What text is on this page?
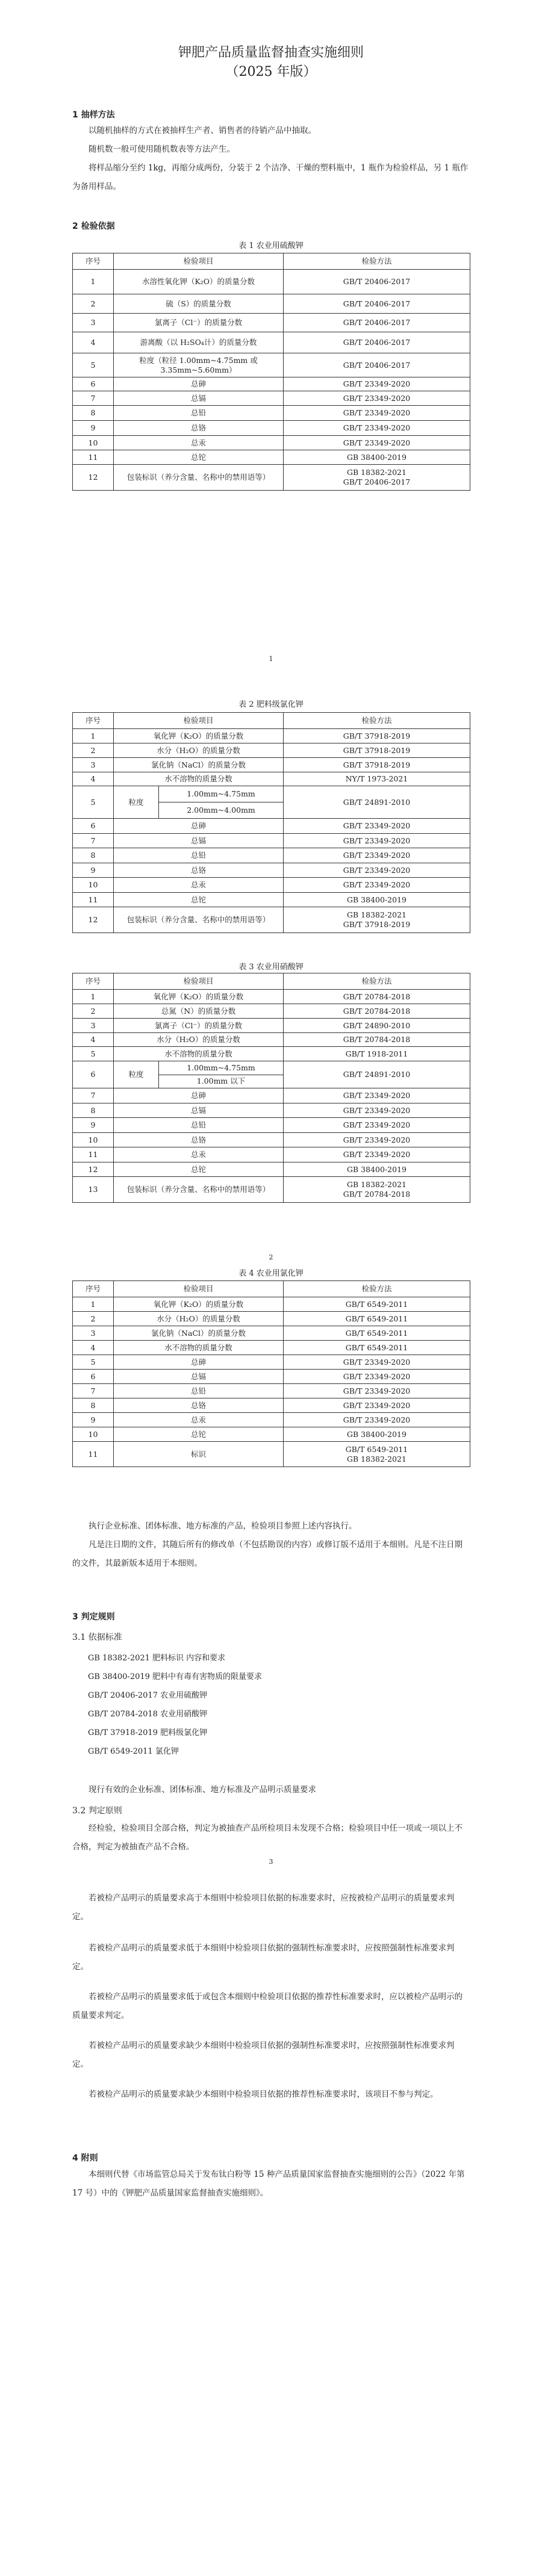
钾肥产品质量监督抽查实施细则
（2025 年版）
1 抽样方法
以随机抽样的方式在被抽样生产者、销售者的待销产品中抽取。
随机数一般可使用随机数表等方法产生。
将样品缩分至约 1kg，再缩分成两份，分装于 2 个洁净、干燥的塑料瓶中，1 瓶作为检验样品，另 1 瓶作为备用样品。
2 检验依据
表 1 农业用硫酸钾
序号	检验项目	检验方法
1	水溶性氧化钾（K₂O）的质量分数	GB/T 20406-2017
2	硫（S）的质量分数	GB/T 20406-2017
3	氯离子（Cl⁻）的质量分数	GB/T 20406-2017
4	游离酸（以 H₂SO₄计）的质量分数	GB/T 20406-2017
5	粒度（粒径 1.00mm~4.75mm 或
3.35mm~5.60mm）	GB/T 20406-2017
6	总砷	GB/T 23349-2020
7	总镉	GB/T 23349-2020
8	总铅	GB/T 23349-2020
9	总铬	GB/T 23349-2020
10	总汞	GB/T 23349-2020
11	总铊	GB 38400-2019
12	包装标识（养分含量、名称中的禁用语等）	GB 18382-2021
GB/T 20406-2017
1
表 2 肥料级氯化钾
序号	检验项目		检验方法
1	氧化钾（K₂O）的质量分数		GB/T 37918-2019
2	水分（H₂O）的质量分数		GB/T 37918-2019
3	氯化钠（NaCl）的质量分数		GB/T 37918-2019
4	水不溶物的质量分数		NY/T 1973-2021
5	粒度	1.00mm~4.75mm	GB/T 24891-2010
		2.00mm~4.00mm	
6	总砷		GB/T 23349-2020
7	总镉		GB/T 23349-2020
8	总铅		GB/T 23349-2020
9	总铬		GB/T 23349-2020
10	总汞		GB/T 23349-2020
11	总铊		GB 38400-2019
12	包装标识（养分含量、名称中的禁用语等）		GB 18382-2021
GB/T 37918-2019
表 3 农业用硝酸钾
序号	检验项目		检验方法
1	氧化钾（K₂O）的质量分数		GB/T 20784-2018
2	总氮（N）的质量分数		GB/T 20784-2018
3	氯离子（Cl⁻）的质量分数		GB/T 24890-2010
4	水分（H₂O）的质量分数		GB/T 20784-2018
5	水不溶物的质量分数		GB/T 1918-2011
6	粒度	1.00mm~4.75mm	GB/T 24891-2010
		1.00mm 以下	
7	总砷		GB/T 23349-2020
8	总镉		GB/T 23349-2020
9	总铅		GB/T 23349-2020
10	总铬		GB/T 23349-2020
11	总汞		GB/T 23349-2020
12	总铊		GB 38400-2019
13	包装标识（养分含量、名称中的禁用语等）		GB 18382-2021
GB/T 20784-2018
2
表 4 农业用氯化钾
序号	检验项目	检验方法
1	氧化钾（K₂O）的质量分数	GB/T 6549-2011
2	水分（H₂O）的质量分数	GB/T 6549-2011
3	氯化钠（NaCl）的质量分数	GB/T 6549-2011
4	水不溶物的质量分数	GB/T 6549-2011
5	总砷	GB/T 23349-2020
6	总镉	GB/T 23349-2020
7	总铅	GB/T 23349-2020
8	总铬	GB/T 23349-2020
9	总汞	GB/T 23349-2020
10	总铊	GB 38400-2019
11	标识	GB/T 6549-2011
GB 18382-2021
执行企业标准、团体标准、地方标准的产品，检验项目参照上述内容执行。
凡是注日期的文件，其随后所有的修改单（不包括勘误的内容）或修订版不适用于本细则。凡是不注日期的文件，其最新版本适用于本细则。
3 判定规则
3.1 依据标准
GB 18382-2021 肥料标识 内容和要求
GB 38400-2019 肥料中有毒有害物质的限量要求
GB/T 20406-2017 农业用硫酸钾
GB/T 20784-2018 农业用硝酸钾
GB/T 37918-2019 肥料级氯化钾
GB/T 6549-2011 氯化钾
现行有效的企业标准、团体标准、地方标准及产品明示质量要求
3.2 判定原则
经检验，检验项目全部合格，判定为被抽查产品所检项目未发现不合格；检验项目中任一项或一项以上不合格，判定为被抽查产品不合格。
3
若被检产品明示的质量要求高于本细则中检验项目依据的标准要求时，应按被检产品明示的质量要求判定。
若被检产品明示的质量要求低于本细则中检验项目依据的强制性标准要求时，应按照强制性标准要求判定。
若被检产品明示的质量要求低于或包含本细则中检验项目依据的推荐性标准要求时，应以被检产品明示的质量要求判定。
若被检产品明示的质量要求缺少本细则中检验项目依据的强制性标准要求时，应按照强制性标准要求判定。
若被检产品明示的质量要求缺少本细则中检验项目依据的推荐性标准要求时，该项目不参与判定。
4 附则
本细则代替《市场监管总局关于发布钛白粉等 15 种产品质量国家监督抽查实施细则的公告》（2022 年第 17 号）中的《钾肥产品质量国家监督抽查实施细则》。
